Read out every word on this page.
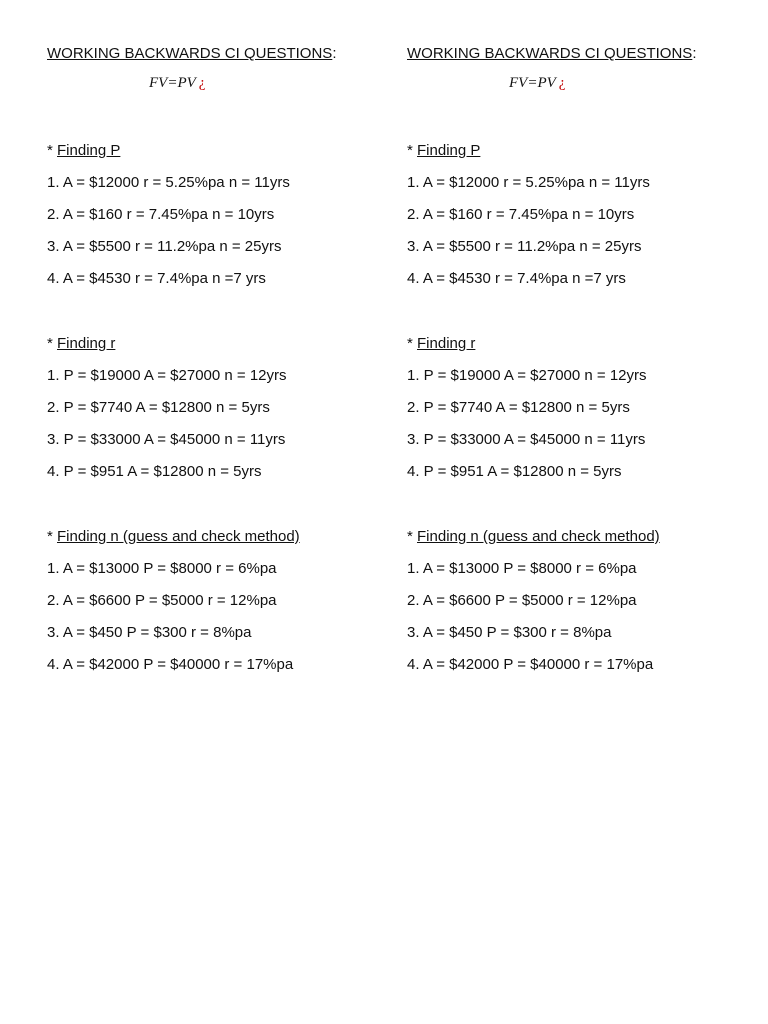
WORKING BACKWARDS CI QUESTIONS:
FV=PV ¿
* Finding P
1. A = $12000 r = 5.25%pa n = 11yrs
2. A = $160 r = 7.45%pa n = 10yrs
3. A = $5500 r = 11.2%pa n = 25yrs
4. A = $4530 r = 7.4%pa n =7 yrs
* Finding r
1. P = $19000 A = $27000 n = 12yrs
2. P = $7740 A = $12800 n = 5yrs
3. P = $33000 A = $45000 n = 11yrs
4. P = $951 A = $12800 n = 5yrs
* Finding n (guess and check method)
1. A = $13000 P = $8000 r = 6%pa
2. A = $6600 P = $5000 r = 12%pa
3. A = $450 P = $300 r = 8%pa
4. A = $42000 P = $40000 r = 17%pa
WORKING BACKWARDS CI QUESTIONS:
FV=PV ¿
* Finding P
1. A = $12000 r = 5.25%pa n = 11yrs
2. A = $160 r = 7.45%pa n = 10yrs
3. A = $5500 r = 11.2%pa n = 25yrs
4. A = $4530 r = 7.4%pa n =7 yrs
* Finding r
1. P = $19000 A = $27000 n = 12yrs
2. P = $7740 A = $12800 n = 5yrs
3. P = $33000 A = $45000 n = 11yrs
4. P = $951 A = $12800 n = 5yrs
* Finding n (guess and check method)
1. A = $13000 P = $8000 r = 6%pa
2. A = $6600 P = $5000 r = 12%pa
3. A = $450 P = $300 r = 8%pa
4. A = $42000 P = $40000 r = 17%pa
